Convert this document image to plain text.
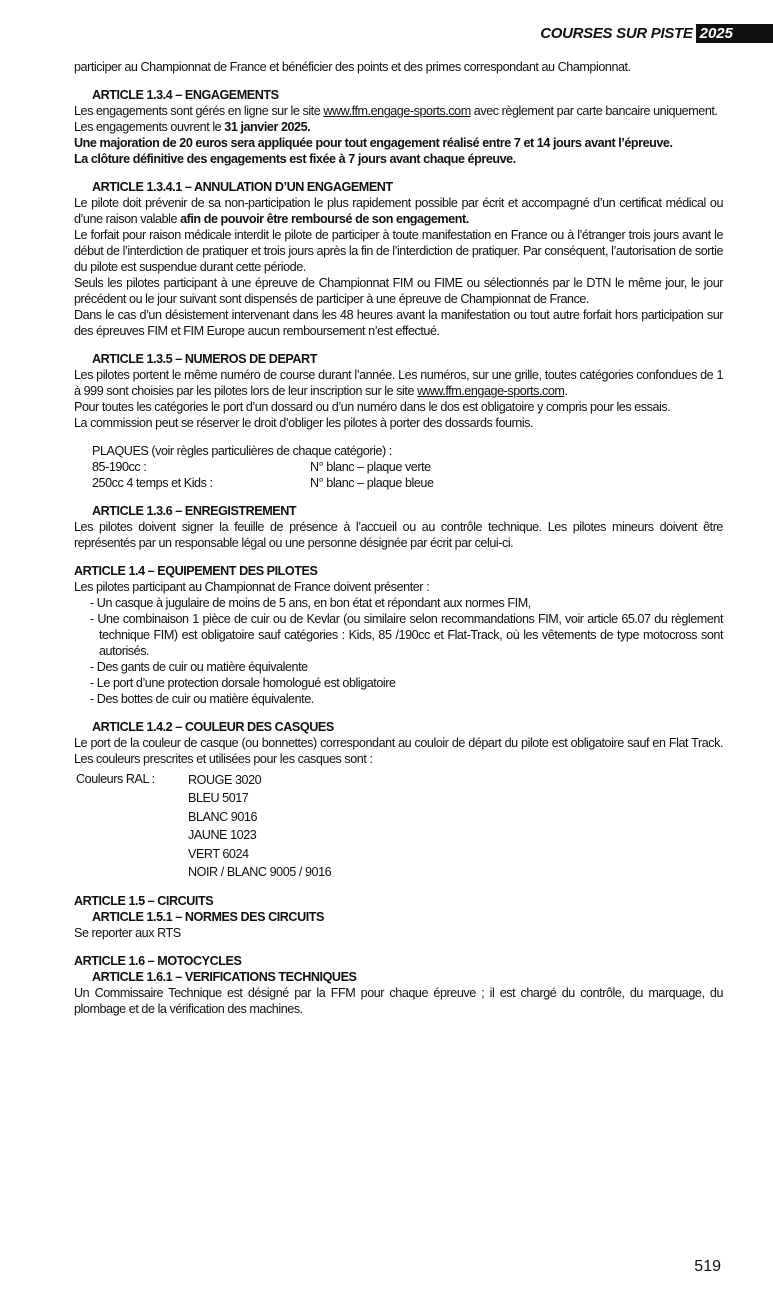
COURSES SUR PISTE 2025

participer au Championnat de France et bénéficier des points et des primes correspondant au Championnat.

ARTICLE 1.3.4 – ENGAGEMENTS

Les engagements sont gérés en ligne sur le site www.ffm.engage-sports.com avec règlement par carte bancaire uniquement.

Les engagements ouvrent le 31 janvier 2025.

Une majoration de 20 euros sera appliquée pour tout engagement réalisé entre 7 et 14 jours avant l’épreuve.

La clôture définitive des engagements est fixée à 7 jours avant chaque épreuve.

ARTICLE 1.3.4.1 – ANNULATION D’UN ENGAGEMENT

Le pilote doit prévenir de sa non-participation le plus rapidement possible par écrit et accompagné d’un certificat médical ou d’une raison valable afin de pouvoir être remboursé de son engagement.

Le forfait pour raison médicale interdit le pilote de participer à toute manifestation en France ou à l’étranger trois jours avant le début de l’interdiction de pratiquer et trois jours après la fin de l’interdiction de pratiquer. Par conséquent, l’autorisation de sortie du pilote est suspendue durant cette période.

Seuls les pilotes participant à une épreuve de Championnat FIM ou FIME ou sélectionnés par le DTN le même jour, le jour précédent ou le jour suivant sont dispensés de participer à une épreuve de Championnat de France.

Dans le cas d’un désistement intervenant dans les 48 heures avant la manifestation ou tout autre forfait hors participation sur des épreuves FIM et FIM Europe aucun remboursement n’est effectué.

ARTICLE 1.3.5 – NUMEROS DE DEPART

Les pilotes portent le même numéro de course durant l’année. Les numéros, sur une grille, toutes catégories confondues de 1 à 999 sont choisies par les pilotes lors de leur inscription sur le site www.ffm.engage-sports.com.

Pour toutes les catégories le port d’un dossard ou d’un numéro dans le dos est obligatoire y compris pour les essais.

La commission peut se réserver le droit d’obliger les pilotes à porter des dossards fournis.

PLAQUES (voir règles particulières de chaque catégorie) :
85-190cc :	N° blanc – plaque verte
250cc 4 temps et Kids :	N° blanc – plaque bleue
ARTICLE 1.3.6 – ENREGISTREMENT

Les pilotes doivent signer la feuille de présence à l’accueil ou au contrôle technique. Les pilotes mineurs doivent être représentés par un responsable légal ou une personne désignée par écrit par celui-ci.

ARTICLE 1.4 – EQUIPEMENT DES PILOTES

Les pilotes participant au Championnat de France doivent présenter :

- Un casque à jugulaire de moins de 5 ans, en bon état et répondant aux normes FIM,
- Une combinaison 1 pièce de cuir ou de Kevlar (ou similaire selon recommandations FIM, voir article 65.07 du règlement technique FIM) est obligatoire sauf catégories : Kids, 85 /190cc et Flat-Track, où les vêtements de type motocross sont autorisés.
- Des gants de cuir ou matière équivalente
- Le port d’une protection dorsale homologué est obligatoire
- Des bottes de cuir ou matière équivalente.
ARTICLE 1.4.2 – COULEUR DES CASQUES

Le port de la couleur de casque (ou bonnettes) correspondant au couloir de départ du pilote est obligatoire sauf en Flat Track. Les couleurs prescrites et utilisées pour les casques sont :

Couleurs RAL :	ROUGE 3020
BLEU 5017
BLANC 9016
JAUNE 1023
VERT 6024
NOIR / BLANC 9005 / 9016
ARTICLE 1.5 – CIRCUITS
ARTICLE 1.5.1 – NORMES DES CIRCUITS

Se reporter aux RTS

ARTICLE 1.6 – MOTOCYCLES
ARTICLE 1.6.1 – VERIFICATIONS TECHNIQUES

Un Commissaire Technique est désigné par la FFM pour chaque épreuve ; il est chargé du contrôle, du marquage, du plombage et de la vérification des machines.

519
